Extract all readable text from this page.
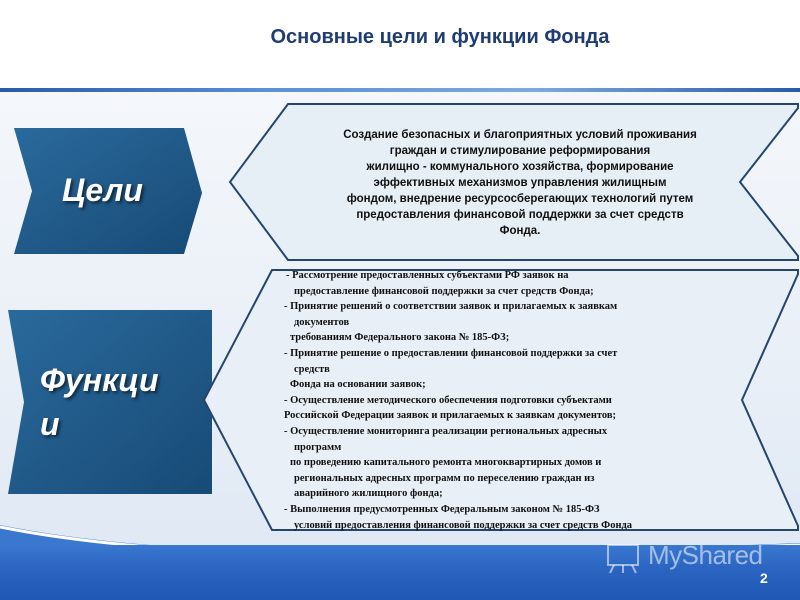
Основные цели и функции Фонда
Цели
Функци
и
Создание безопасных и благоприятных условий проживания
граждан и стимулирование реформирования
жилищно - коммунального хозяйства, формирование
эффективных механизмов управления жилищным
фондом, внедрение ресурсосберегающих технологий путем
предоставления финансовой поддержки за счет средств
Фонда.
- Рассмотрение предоставленных субъектами РФ заявок на
предоставление финансовой поддержки за счет средств Фонда;
- Принятие решений о соответствии заявок и прилагаемых к заявкам
документов
требованиям Федерального закона № 185-ФЗ;
- Принятие решение о предоставлении финансовой поддержки за счет
средств
Фонда на основании заявок;
- Осуществление методического обеспечения подготовки субъектами
Российской Федерации заявок и прилагаемых к заявкам документов;
- Осуществление мониторинга реализации региональных адресных
программ
по проведению капитального ремонта многоквартирных домов и
региональных адресных программ по переселению граждан из
аварийного жилищного фонда;
- Выполнения предусмотренных Федеральным законом № 185-ФЗ
условий предоставления финансовой поддержки за счет средств Фонда
MyShared
2
